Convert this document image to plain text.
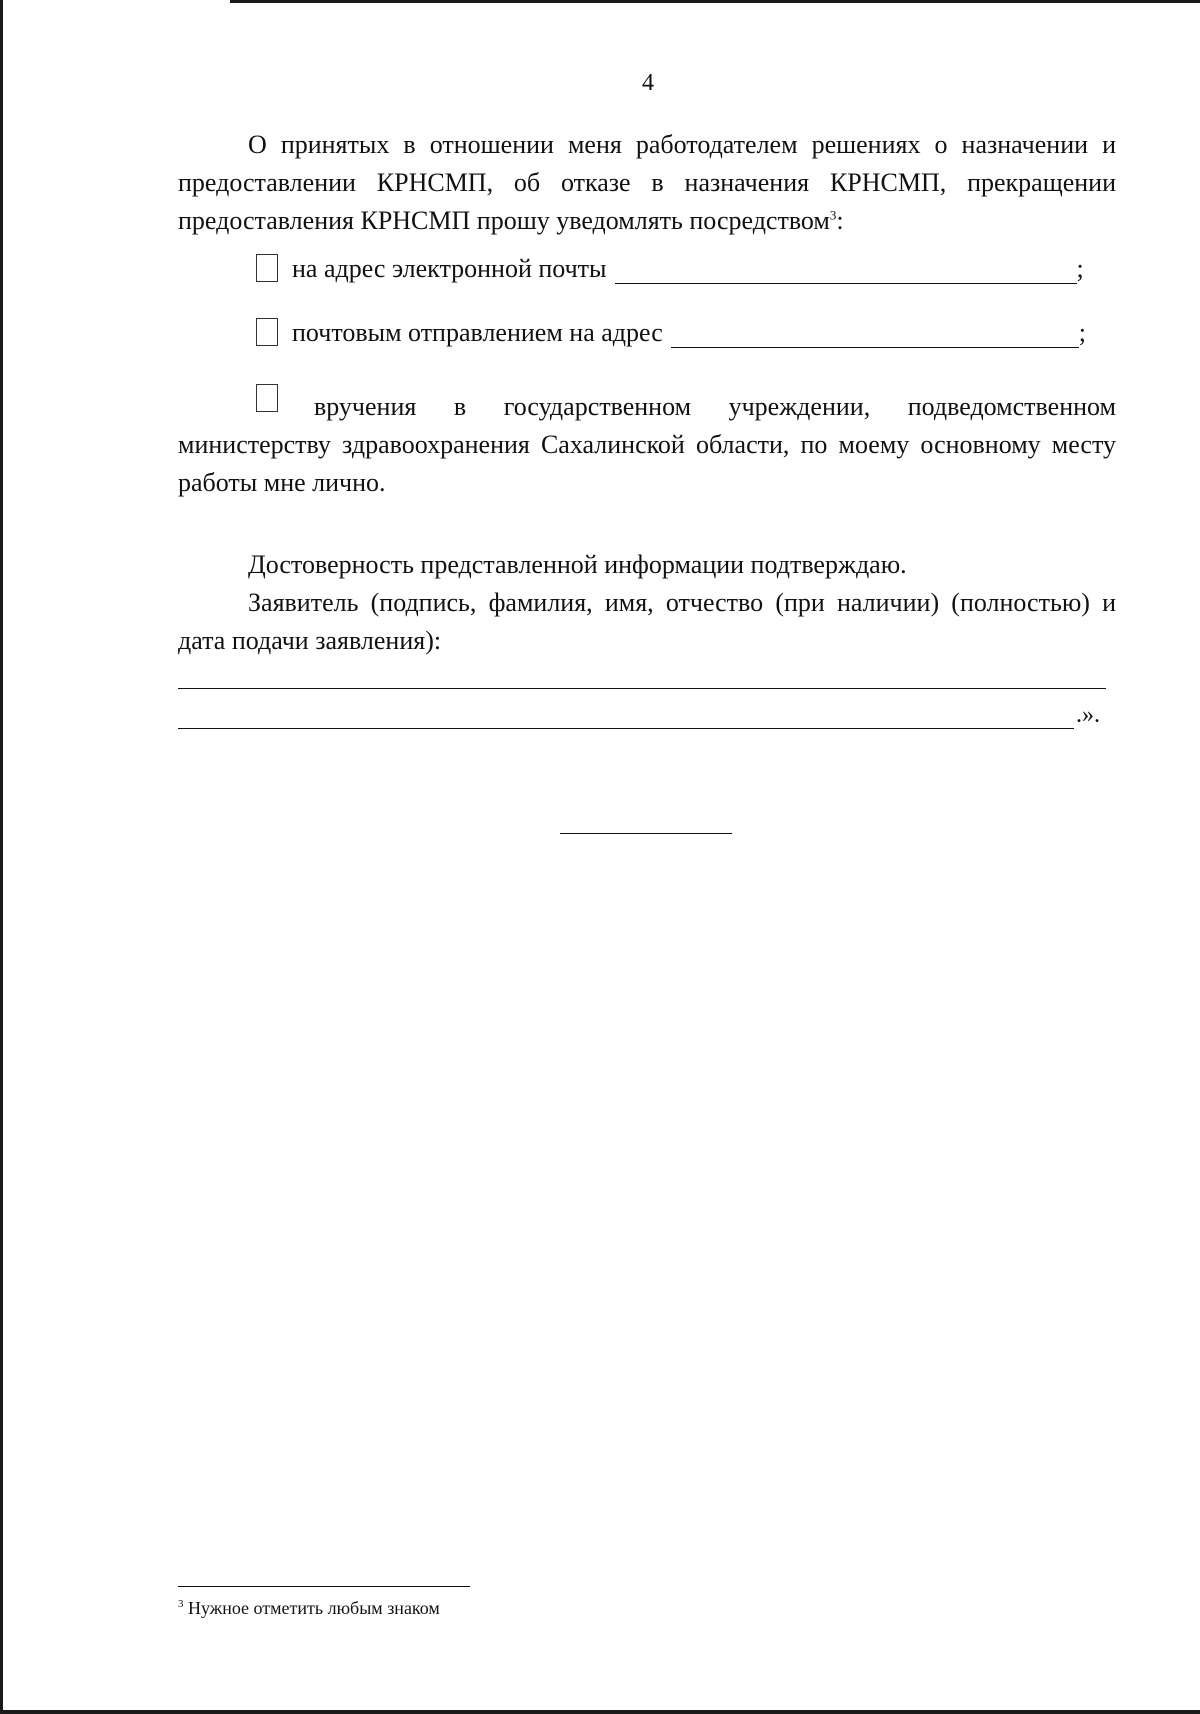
4
О принятых в отношении меня работодателем решениях о назначении и предоставлении КРНСМП, об отказе в назначения КРНСМП, прекращении предоставления КРНСМП прошу уведомлять посредством$^3$:
на адрес электронной почты	;
почтовым отправлением на адрес	;
вручения в государственном учреждении, подведомственном министерству здравоохранения Сахалинской области, по моему основному месту работы мне лично.
Достоверность представленной информации подтверждаю.
Заявитель (подпись, фамилия, имя, отчество (при наличии) (полностью) и дата подачи заявления):
.».
$^3$ Нужное отметить любым знаком
